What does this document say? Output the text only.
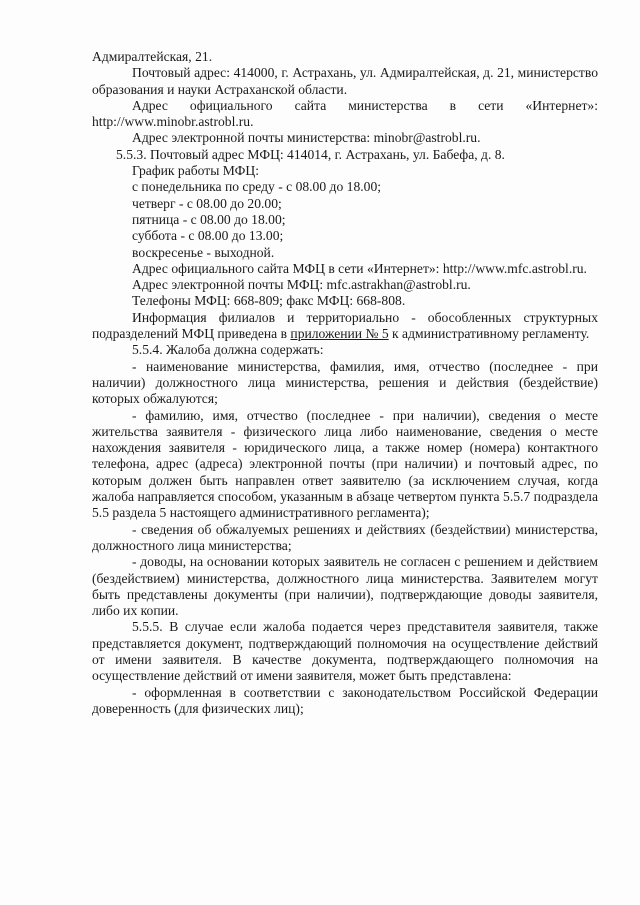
Адмиралтейская, 21.

Почтовый адрес: 414000, г. Астрахань, ул. Адмиралтейская, д. 21, министерство образования и науки Астраханской области.

Адрес официального сайта министерства в сети «Интернет»: http://www.minobr.astrobl.ru.

Адрес электронной почты министерства: minobr@astrobl.ru.

5.5.3. Почтовый адрес МФЦ: 414014, г. Астрахань, ул. Бабефа, д. 8.

График работы МФЦ:

с понедельника по среду - с 08.00 до 18.00;

четверг - с 08.00 до 20.00;

пятница - с 08.00 до 18.00;

суббота - с 08.00 до 13.00;

воскресенье - выходной.

Адрес официального сайта МФЦ в сети «Интернет»: http://www.mfc.astrobl.ru.

Адрес электронной почты МФЦ: mfc.astrakhan@astrobl.ru.

Телефоны МФЦ: 668-809; факс МФЦ: 668-808.

Информация филиалов и территориально - обособленных структурных подразделений МФЦ приведена в приложении № 5 к административному регламенту.

5.5.4. Жалоба должна содержать:

- наименование министерства, фамилия, имя, отчество (последнее - при наличии) должностного лица министерства, решения и действия (бездействие) которых обжалуются;

- фамилию, имя, отчество (последнее - при наличии), сведения о месте жительства заявителя - физического лица либо наименование, сведения о месте нахождения заявителя - юридического лица, а также номер (номера) контактного телефона, адрес (адреса) электронной почты (при наличии) и почтовый адрес, по которым должен быть направлен ответ заявителю (за исключением случая, когда жалоба направляется способом, указанным в абзаце четвертом пункта 5.5.7 подраздела 5.5 раздела 5 настоящего административного регламента);

- сведения об обжалуемых решениях и действиях (бездействии) министерства, должностного лица министерства;

- доводы, на основании которых заявитель не согласен с решением и действием (бездействием) министерства, должностного лица министерства. Заявителем могут быть представлены документы (при наличии), подтверждающие доводы заявителя, либо их копии.

5.5.5. В случае если жалоба подается через представителя заявителя, также представляется документ, подтверждающий полномочия на осуществление действий от имени заявителя. В качестве документа, подтверждающего полномочия на осуществление действий от имени заявителя, может быть представлена:

- оформленная в соответствии с законодательством Российской Федерации доверенность (для физических лиц);
